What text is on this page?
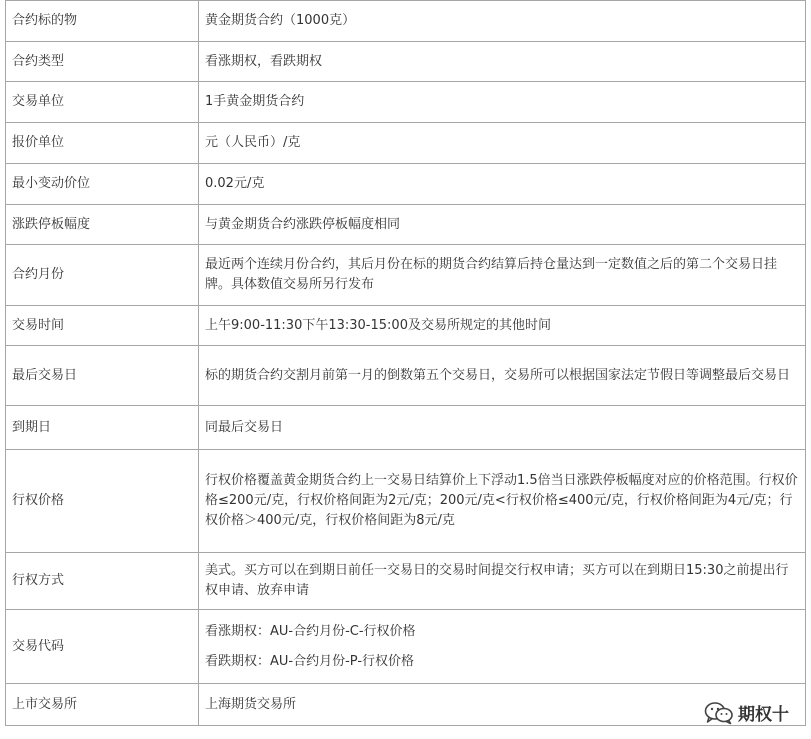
合约标的物	黄金期货合约（1000克）
合约类型	看涨期权，看跌期权
交易单位	1手黄金期货合约
报价单位	元（人民币）/克
最小变动价位	0.02元/克
涨跌停板幅度	与黄金期货合约涨跌停板幅度相同
合约月份	最近两个连续月份合约，其后月份在标的期货合约结算后持仓量达到一定数值之后的第二个交易日挂牌。具体数值交易所另行发布
交易时间	上午9:00-11:30下午13:30-15:00及交易所规定的其他时间
最后交易日	标的期货合约交割月前第一月的倒数第五个交易日，交易所可以根据国家法定节假日等调整最后交易日
到期日	同最后交易日
行权价格	行权价格覆盖黄金期货合约上一交易日结算价上下浮动1.5倍当日涨跌停板幅度对应的价格范围。行权价格≤200元/克，行权价格间距为2元/克；200元/克<行权价格≤400元/克，行权价格间距为4元/克；行权价格＞400元/克，行权价格间距为8元/克
行权方式	美式。买方可以在到期日前任一交易日的交易时间提交行权申请；买方可以在到期日15:30之前提出行权申请、放弃申请
交易代码	看涨期权：AU-合约月份-C-行权价格
看跌期权：AU-合约月份-P-行权价格

上市交易所	上海期货交易所
期权十
